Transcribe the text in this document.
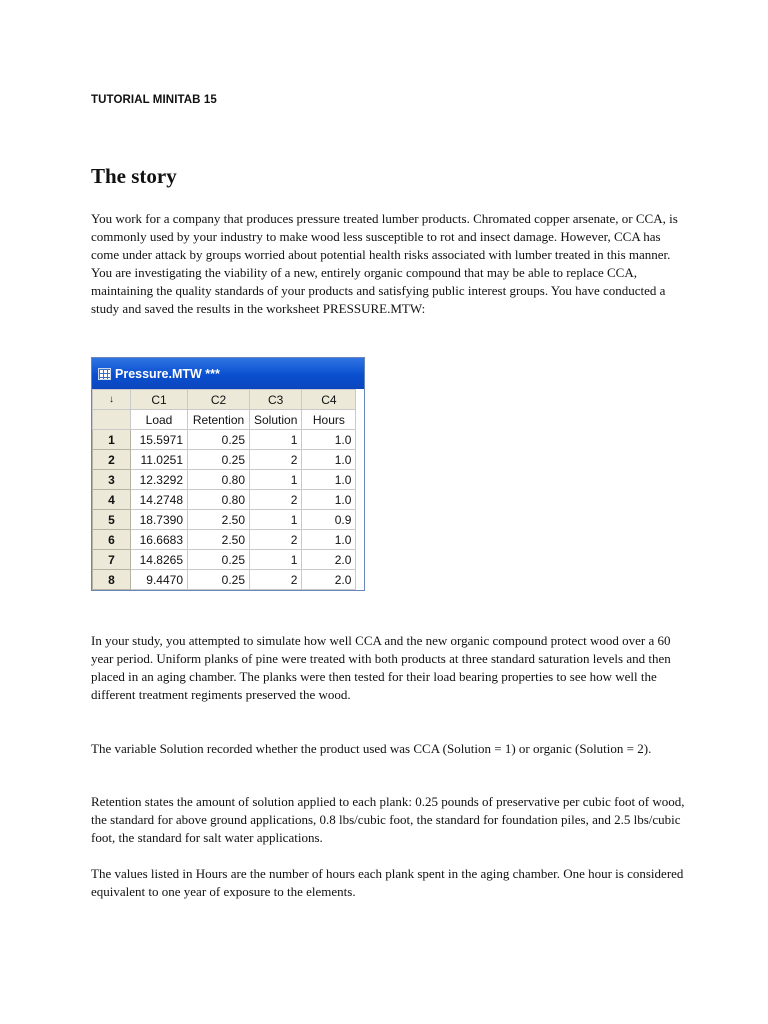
TUTORIAL MINITAB 15
The story

You work for a company that produces pressure treated lumber products. Chromated copper arsenate, or CCA, is commonly used by your industry to make wood less susceptible to rot and insect damage. However, CCA has come under attack by groups worried about potential health risks associated with lumber treated in this manner. You are investigating the viability of a new, entirely organic compound that may be able to replace CCA, maintaining the quality standards of your products and satisfying public interest groups. You have conducted a study and saved the results in the worksheet PRESSURE.MTW:

Pressure.MTW ***
↓	C1	C2	C3	C4
	Load	Retention	Solution	Hours
1	15.5971	0.25	1	1.0
2	11.0251	0.25	2	1.0
3	12.3292	0.80	1	1.0
4	14.2748	0.80	2	1.0
5	18.7390	2.50	1	0.9
6	16.6683	2.50	2	1.0
7	14.8265	0.25	1	2.0
8	9.4470	0.25	2	2.0

In your study, you attempted to simulate how well CCA and the new organic compound protect wood over a 60 year period. Uniform planks of pine were treated with both products at three standard saturation levels and then placed in an aging chamber. The planks were then tested for their load bearing properties to see how well the different treatment regiments preserved the wood.

The variable Solution recorded whether the product used was CCA (Solution = 1) or organic (Solution = 2).

Retention states the amount of solution applied to each plank: 0.25 pounds of preservative per cubic foot of wood, the standard for above ground applications, 0.8 lbs/cubic foot, the standard for foundation piles, and 2.5 lbs/cubic foot, the standard for salt water applications.

The values listed in Hours are the number of hours each plank spent in the aging chamber. One hour is considered equivalent to one year of exposure to the elements.
